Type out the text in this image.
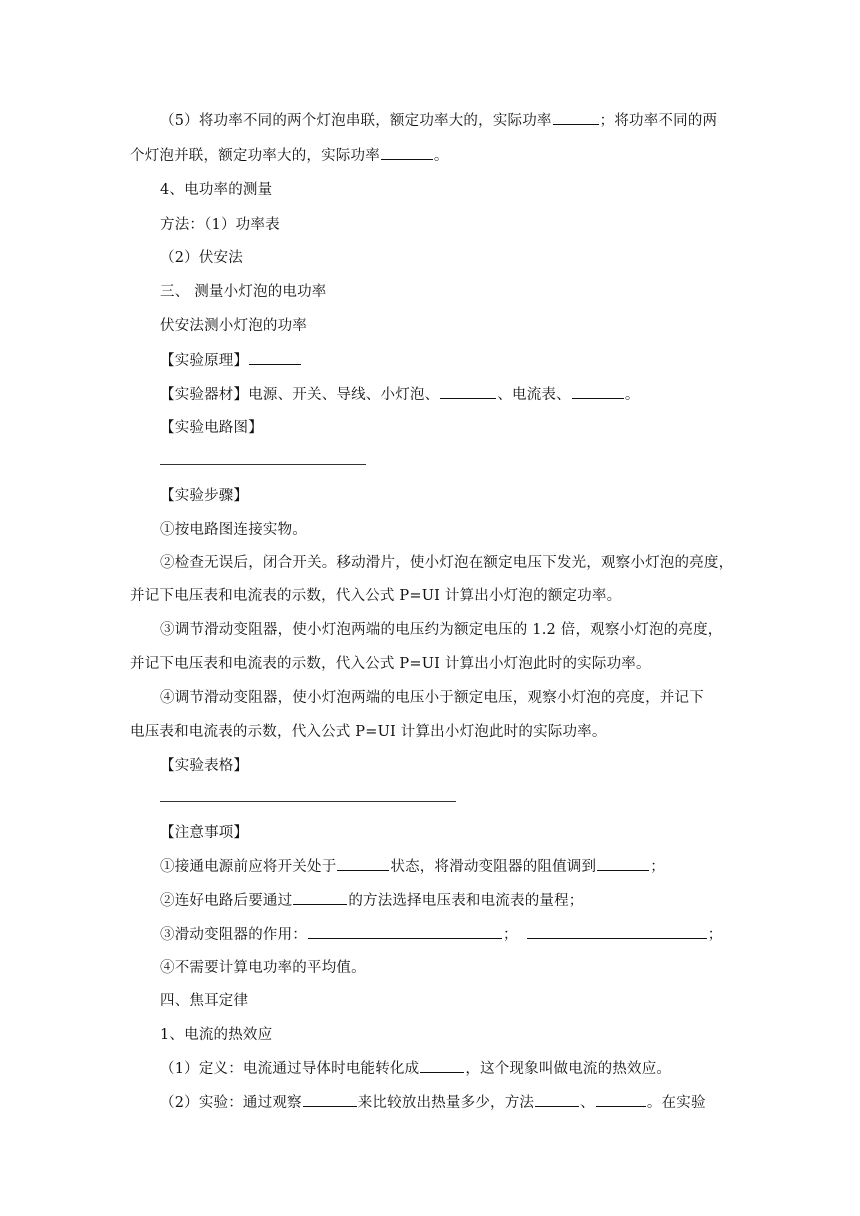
（5）将功率不同的两个灯泡串联，额定功率大的，实际功率	；将功率不同的两
个灯泡并联，额定功率大的，实际功率	。
4、电功率的测量
方法：（1）功率表
（2）伏安法
三、 测量小灯泡的电功率
伏安法测小灯泡的功率
【实验原理】
【实验器材】电源、开关、导线、小灯泡、	、电流表、	。
【实验电路图】
【实验步骤】
①按电路图连接实物。
②检查无误后，闭合开关。移动滑片，使小灯泡在额定电压下发光，观察小灯泡的亮度，
并记下电压表和电流表的示数，代入公式 P=UI 计算出小灯泡的额定功率。
③调节滑动变阻器，使小灯泡两端的电压约为额定电压的 1.2 倍，观察小灯泡的亮度，
并记下电压表和电流表的示数，代入公式 P=UI 计算出小灯泡此时的实际功率。
④调节滑动变阻器，使小灯泡两端的电压小于额定电压，观察小灯泡的亮度，并记下
电压表和电流表的示数，代入公式 P=UI 计算出小灯泡此时的实际功率。
【实验表格】
【注意事项】
①接通电源前应将开关处于	状态，将滑动变阻器的阻值调到	；
②连好电路后要通过	的方法选择电压表和电流表的量程；
③滑动变阻器的作用：	；	；
④不需要计算电功率的平均值。
四、焦耳定律
1、电流的热效应
（1）定义：电流通过导体时电能转化成	，这个现象叫做电流的热效应。
（2）实验：通过观察	来比较放出热量多少，方法	、	。在实验
